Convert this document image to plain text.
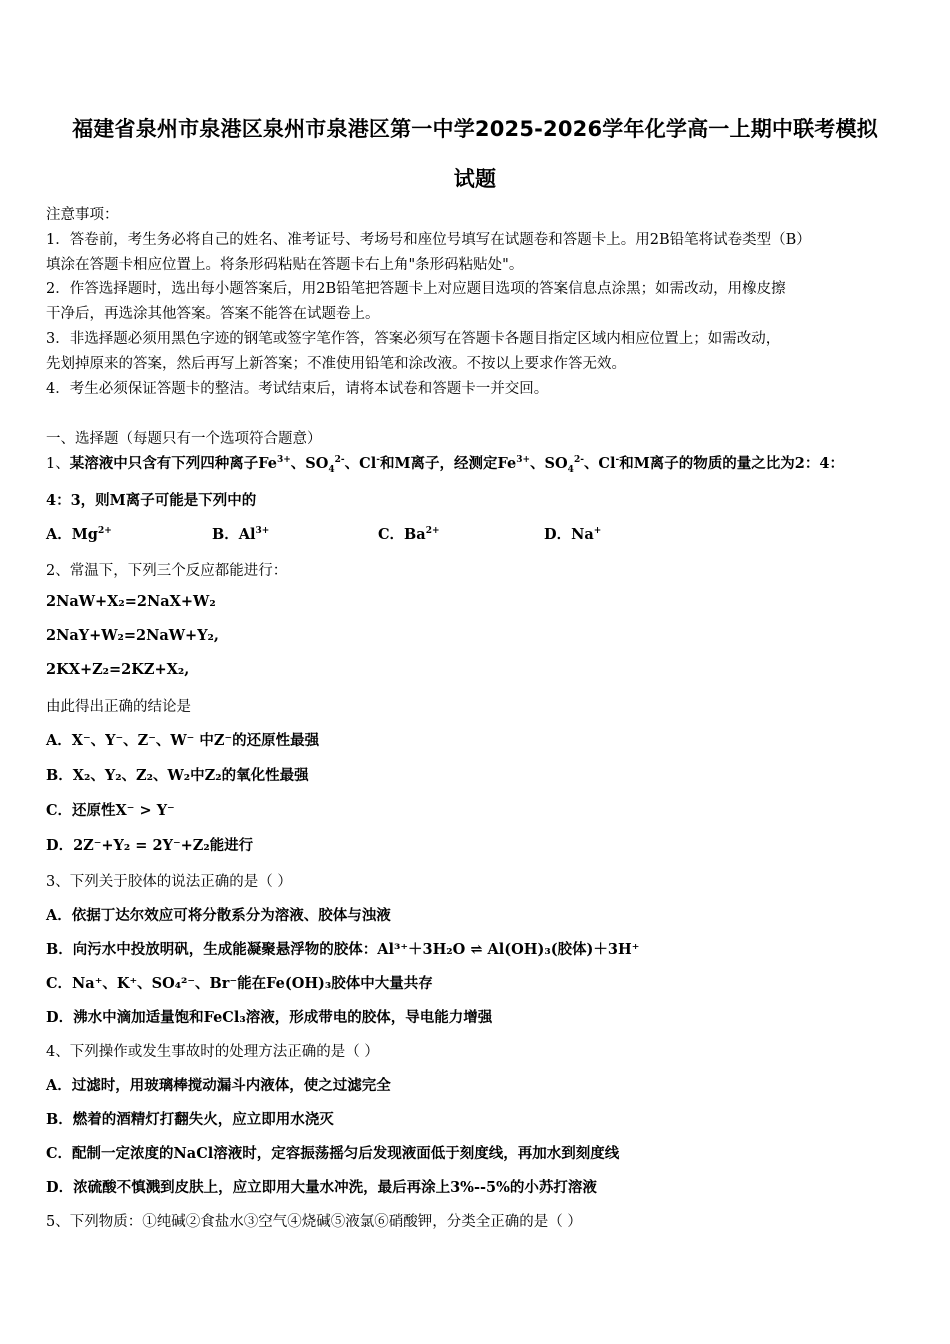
福建省泉州市泉港区泉州市泉港区第一中学2025-2026学年化学高一上期中联考模拟
试题
注意事项：
1．答卷前，考生务必将自己的姓名、准考证号、考场号和座位号填写在试题卷和答题卡上。用2B铅笔将试卷类型（B）
填涂在答题卡相应位置上。将条形码粘贴在答题卡右上角"条形码粘贴处"。
2．作答选择题时，选出每小题答案后，用2B铅笔把答题卡上对应题目选项的答案信息点涂黑；如需改动，用橡皮擦
干净后，再选涂其他答案。答案不能答在试题卷上。
3．非选择题必须用黑色字迹的钢笔或签字笔作答，答案必须写在答题卡各题目指定区域内相应位置上；如需改动，
先划掉原来的答案，然后再写上新答案；不准使用铅笔和涂改液。不按以上要求作答无效。
4．考生必须保证答题卡的整洁。考试结束后，请将本试卷和答题卡一并交回。
一、选择题（每题只有一个选项符合题意）
1、某溶液中只含有下列四种离子$Fe^{3+}$、$SO_4^{2-}$、Cl-和M离子，经测定$Fe^{3+}$、$SO_4^{2-}$、Cl-和M离子的物质的量之比为2：4：
4：3，则M离子可能是下列中的
A．$Mg^{2+}$	B．$Al^{3+}$	C．$Ba^{2+}$	D．Na+
2、常温下，下列三个反应都能进行：
2NaW+X₂=2NaX+W₂
2NaY+W₂=2NaW+Y₂,
2KX+Z₂=2KZ+X₂,
由此得出正确的结论是
A．X⁻、Y⁻、Z⁻、W⁻ 中Z⁻的还原性最强
B．X₂、Y₂、Z₂、W₂中Z₂的氧化性最强
C．还原性X⁻ > Y⁻
D．2Z⁻+Y₂ = 2Y⁻+Z₂能进行
3、下列关于胶体的说法正确的是（ ）
A．依据丁达尔效应可将分散系分为溶液、胶体与浊液
B．向污水中投放明矾，生成能凝聚悬浮物的胶体：Al³⁺＋3H₂O ⇌ Al(OH)₃(胶体)＋3H⁺
C．Na⁺、K⁺、SO₄²⁻、Br⁻能在Fe(OH)₃胶体中大量共存
D．沸水中滴加适量饱和FeCl₃溶液，形成带电的胶体，导电能力增强
4、下列操作或发生事故时的处理方法正确的是（ ）
A．过滤时，用玻璃棒搅动漏斗内液体，使之过滤完全
B．燃着的酒精灯打翻失火，应立即用水浇灭
C．配制一定浓度的NaCl溶液时，定容振荡摇匀后发现液面低于刻度线，再加水到刻度线
D．浓硫酸不慎溅到皮肤上，应立即用大量水冲洗，最后再涂上3%--5%的小苏打溶液
5、下列物质：①纯碱②食盐水③空气④烧碱⑤液氯⑥硝酸钾，分类全正确的是（ ）
